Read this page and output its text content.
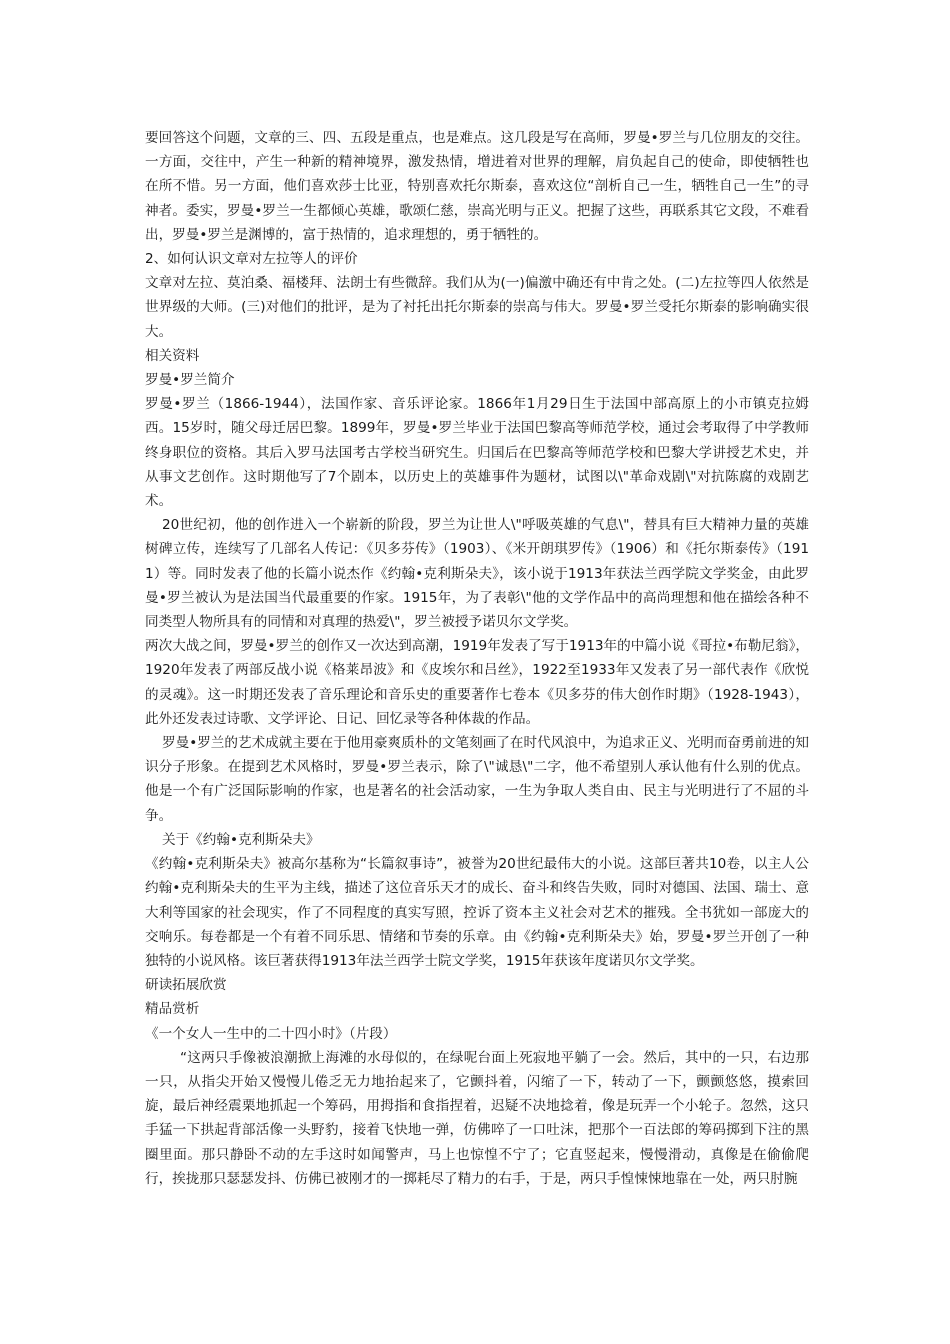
要回答这个问题，文章的三、四、五段是重点，也是难点。这几段是写在高师，罗曼•罗兰与几位朋友的交往。一方面，交往中，产生一种新的精神境界，激发热情，增进着对世界的理解，肩负起自己的使命，即使牺牲也在所不惜。另一方面，他们喜欢莎士比亚，特别喜欢托尔斯泰，喜欢这位“剖析自己一生，牺牲自己一生”的寻神者。委实，罗曼•罗兰一生都倾心英雄，歌颂仁慈，崇高光明与正义。把握了这些，再联系其它文段，不难看出，罗曼•罗兰是渊博的，富于热情的，追求理想的，勇于牺牲的。

2、如何认识文章对左拉等人的评价

文章对左拉、莫泊桑、福楼拜、法朗士有些微辞。我们从为(一)偏激中确还有中肯之处。(二)左拉等四人依然是世界级的大师。(三)对他们的批评，是为了衬托出托尔斯泰的崇高与伟大。罗曼•罗兰受托尔斯泰的影响确实很大。

相关资料

罗曼•罗兰简介

罗曼•罗兰（1866-1944），法国作家、音乐评论家。1866年1月29日生于法国中部高原上的小市镇克拉姆西。15岁时，随父母迁居巴黎。1899年，罗曼•罗兰毕业于法国巴黎高等师范学校，通过会考取得了中学教师终身职位的资格。其后入罗马法国考古学校当研究生。归国后在巴黎高等师范学校和巴黎大学讲授艺术史，并从事文艺创作。这时期他写了7个剧本，以历史上的英雄事件为题材，试图以\"革命戏剧\"对抗陈腐的戏剧艺术。

20世纪初，他的创作进入一个崭新的阶段，罗兰为让世人\"呼吸英雄的气息\"，替具有巨大精神力量的英雄树碑立传，连续写了几部名人传记：《贝多芬传》（1903）、《米开朗琪罗传》（1906）和《托尔斯泰传》（1911）等。同时发表了他的长篇小说杰作《约翰•克利斯朵夫》，该小说于1913年获法兰西学院文学奖金，由此罗曼•罗兰被认为是法国当代最重要的作家。1915年，为了表彰\"他的文学作品中的高尚理想和他在描绘各种不同类型人物所具有的同情和对真理的热爱\"，罗兰被授予诺贝尔文学奖。

两次大战之间，罗曼•罗兰的创作又一次达到高潮，1919年发表了写于1913年的中篇小说《哥拉•布勒尼翁》，1920年发表了两部反战小说《格莱昂波》和《皮埃尔和吕丝》，1922至1933年又发表了另一部代表作《欣悦的灵魂》。这一时期还发表了音乐理论和音乐史的重要著作七卷本《贝多芬的伟大创作时期》（1928-1943），此外还发表过诗歌、文学评论、日记、回忆录等各种体裁的作品。

罗曼•罗兰的艺术成就主要在于他用豪爽质朴的文笔刻画了在时代风浪中，为追求正义、光明而奋勇前进的知识分子形象。在提到艺术风格时，罗曼•罗兰表示，除了\"诚恳\"二字，他不希望别人承认他有什么别的优点。他是一个有广泛国际影响的作家，也是著名的社会活动家，一生为争取人类自由、民主与光明进行了不屈的斗争。

关于《约翰•克利斯朵夫》

《约翰•克利斯朵夫》被高尔基称为“长篇叙事诗”，被誉为20世纪最伟大的小说。这部巨著共10卷，以主人公约翰•克利斯朵夫的生平为主线，描述了这位音乐天才的成长、奋斗和终告失败，同时对德国、法国、瑞士、意大利等国家的社会现实，作了不同程度的真实写照，控诉了资本主义社会对艺术的摧残。全书犹如一部庞大的交响乐。每卷都是一个有着不同乐思、情绪和节奏的乐章。由《约翰•克利斯朵夫》始，罗曼•罗兰开创了一种独特的小说风格。该巨著获得1913年法兰西学士院文学奖，1915年获该年度诺贝尔文学奖。

研读拓展欣赏

精品赏析

《一个女人一生中的二十四小时》（片段）

“这两只手像被浪潮掀上海滩的水母似的，在绿呢台面上死寂地平躺了一会。然后，其中的一只，右边那一只，从指尖开始又慢慢儿倦乏无力地抬起来了，它颤抖着，闪缩了一下，转动了一下，颤颤悠悠，摸索回旋，最后神经震栗地抓起一个筹码，用拇指和食指捏着，迟疑不决地捻着，像是玩弄一个小轮子。忽然，这只手猛一下拱起背部活像一头野豹，接着飞快地一弹，仿佛啐了一口吐沫，把那个一百法郎的筹码掷到下注的黑圈里面。那只静卧不动的左手这时如闻警声，马上也惊惶不宁了；它直竖起来，慢慢滑动，真像是在偷偷爬行，挨拢那只瑟瑟发抖、仿佛已被刚才的一掷耗尽了精力的右手，于是，两只手惶悚悚地靠在一处，两只肘腕
